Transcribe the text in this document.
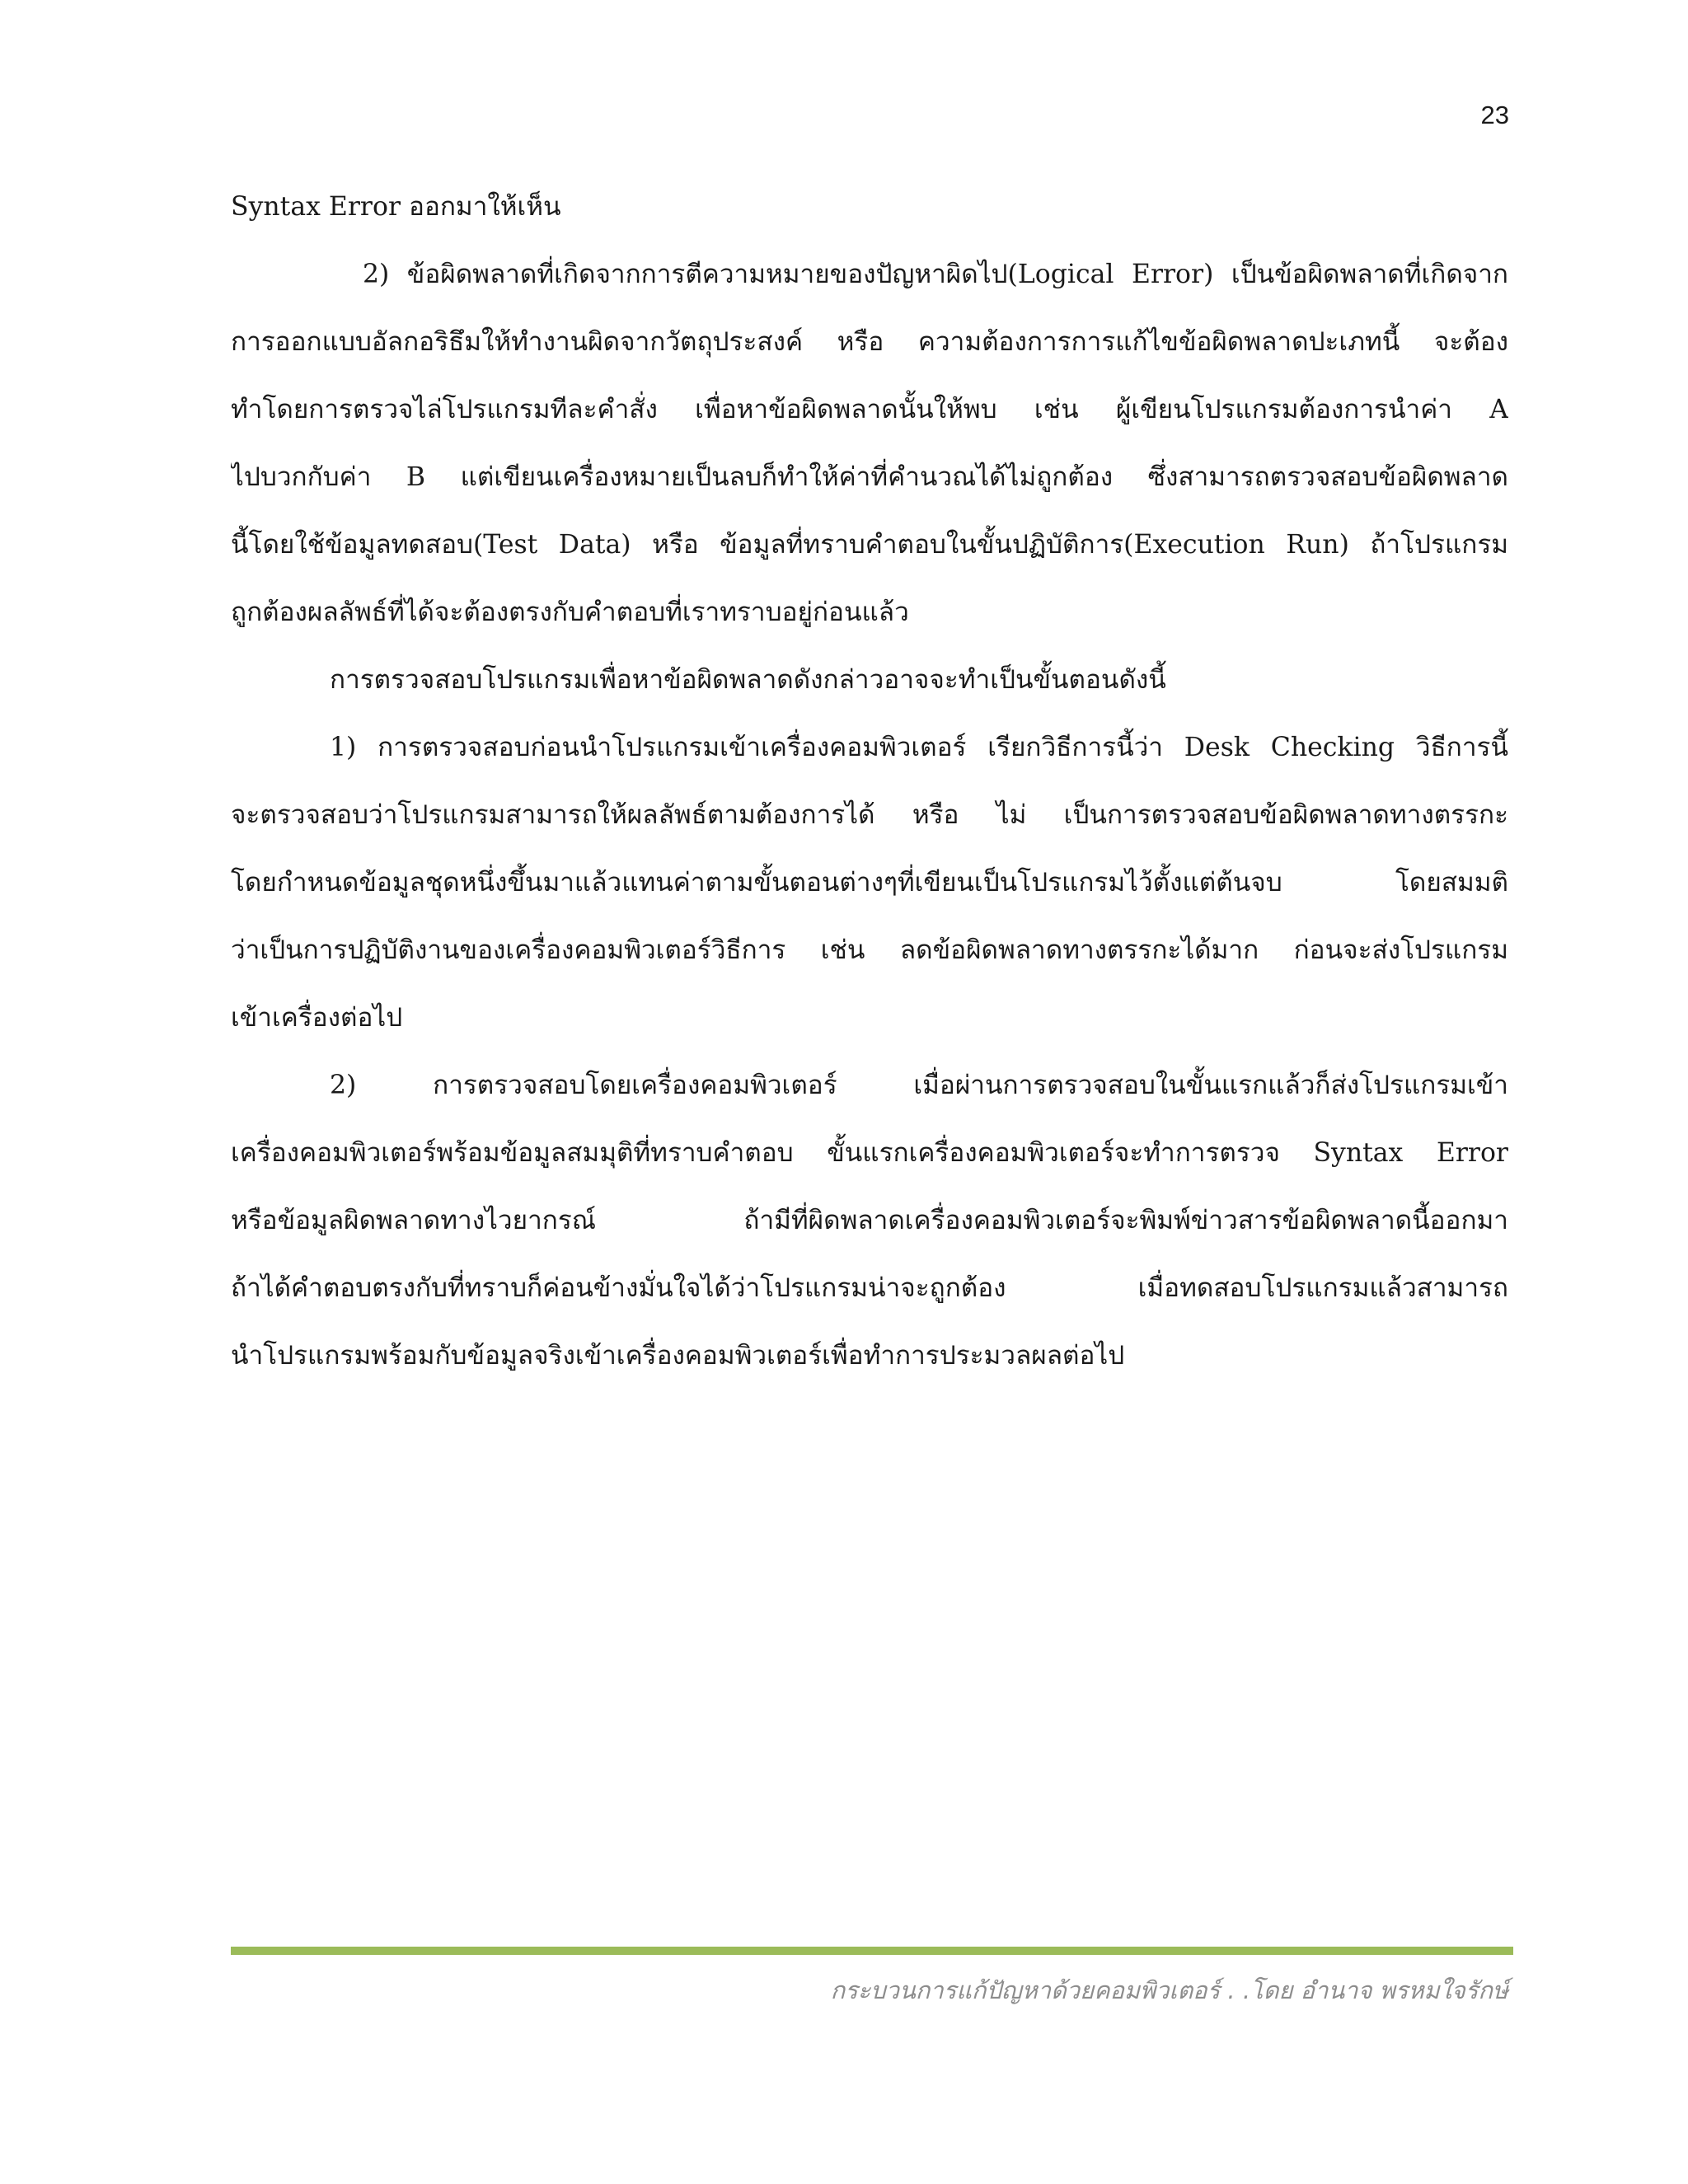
23
Syntax Error ออกมาให้เห็น
2) ข้อผิดพลาดที่เกิดจากการตีความหมายของปัญหาผิดไป(Logical Error) เป็นข้อผิดพลาดที่เกิดจาก
การออกแบบอัลกอริธึมให้ทำงานผิดจากวัตถุประสงค์ หรือ ความต้องการการแก้ไขข้อผิดพลาดปะเภทนี้ จะต้อง
ทำโดยการตรวจไล่โปรแกรมทีละคำสั่ง เพื่อหาข้อผิดพลาดนั้นให้พบ เช่น ผู้เขียนโปรแกรมต้องการนำค่า A
ไปบวกกับค่า B แต่เขียนเครื่องหมายเป็นลบก็ทำให้ค่าที่คำนวณได้ไม่ถูกต้อง ซึ่งสามารถตรวจสอบข้อผิดพลาด
นี้โดยใช้ข้อมูลทดสอบ(Test Data) หรือ ข้อมูลที่ทราบคำตอบในขั้นปฏิบัติการ(Execution Run) ถ้าโปรแกรม
ถูกต้องผลลัพธ์ที่ได้จะต้องตรงกับคำตอบที่เราทราบอยู่ก่อนแล้ว
การตรวจสอบโปรแกรมเพื่อหาข้อผิดพลาดดังกล่าวอาจจะทำเป็นขั้นตอนดังนี้
1) การตรวจสอบก่อนนำโปรแกรมเข้าเครื่องคอมพิวเตอร์ เรียกวิธีการนี้ว่า Desk Checking วิธีการนี้
จะตรวจสอบว่าโปรแกรมสามารถให้ผลลัพธ์ตามต้องการได้ หรือ ไม่ เป็นการตรวจสอบข้อผิดพลาดทางตรรกะ
โดยกำหนดข้อมูลชุดหนึ่งขึ้นมาแล้วแทนค่าตามขั้นตอนต่างๆที่เขียนเป็นโปรแกรมไว้ตั้งแต่ต้นจบ โดยสมมติ
ว่าเป็นการปฏิบัติงานของเครื่องคอมพิวเตอร์วิธีการ เช่น ลดข้อผิดพลาดทางตรรกะได้มาก ก่อนจะส่งโปรแกรม
เข้าเครื่องต่อไป
2) การตรวจสอบโดยเครื่องคอมพิวเตอร์ เมื่อผ่านการตรวจสอบในขั้นแรกแล้วก็ส่งโปรแกรมเข้า
เครื่องคอมพิวเตอร์พร้อมข้อมูลสมมุติที่ทราบคำตอบ ขั้นแรกเครื่องคอมพิวเตอร์จะทำการตรวจ Syntax Error
หรือข้อมูลผิดพลาดทางไวยากรณ์ ถ้ามีที่ผิดพลาดเครื่องคอมพิวเตอร์จะพิมพ์ข่าวสารข้อผิดพลาดนี้ออกมา
ถ้าได้คำตอบตรงกับที่ทราบก็ค่อนข้างมั่นใจได้ว่าโปรแกรมน่าจะถูกต้อง เมื่อทดสอบโปรแกรมแล้วสามารถ
นำโปรแกรมพร้อมกับข้อมูลจริงเข้าเครื่องคอมพิวเตอร์เพื่อทำการประมวลผลต่อไป
กระบวนการแก้ปัญหาด้วยคอมพิวเตอร์ . .โดย อำนาจ พรหมใจรักษ์
